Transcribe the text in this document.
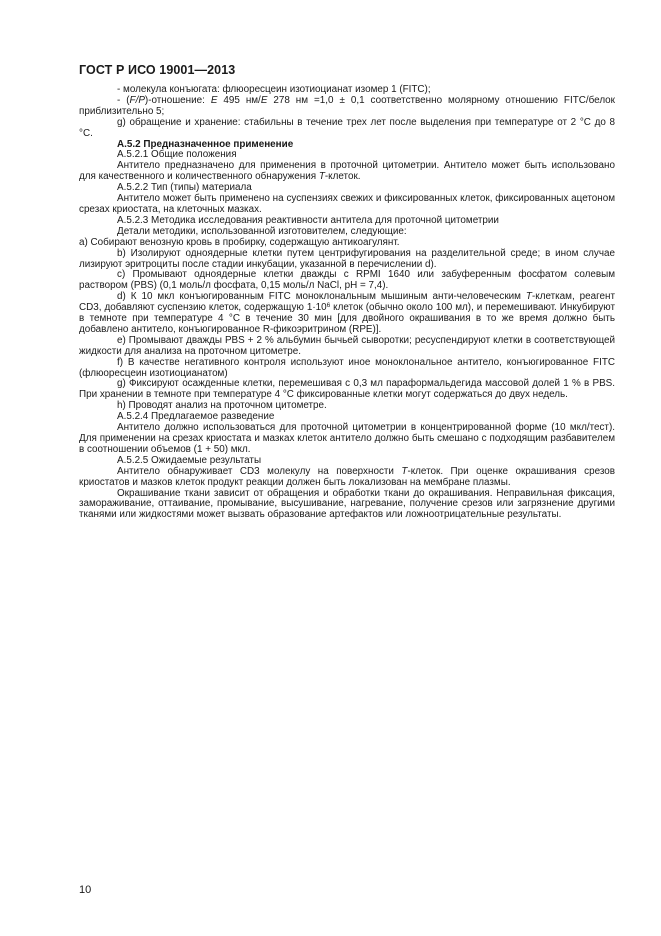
ГОСТ Р ИСО 19001—2013

- молекула конъюгата: флюоресцеин изотиоцианат изомер 1 (FITC);

- (F/P)-отношение: E 495 нм/E 278 нм =1,0 ± 0,1 соответственно молярному отношению FITC/белок приблизительно 5;

g) обращение и хранение: стабильны в течение трех лет после выделения при температуре от 2 °С до 8 °С.

А.5.2 Предназначенное применение

А.5.2.1 Общие положения

Антитело предназначено для применения в проточной цитометрии. Антитело может быть использовано для качественного и количественного обнаружения Т-клеток.

А.5.2.2 Тип (типы) материала

Антитело может быть применено на суспензиях свежих и фиксированных клеток, фиксированных ацетоном срезах криостата, на клеточных мазках.

А.5.2.3 Методика исследования реактивности антитела для проточной цитометрии

Детали методики, использованной изготовителем, следующие:

а) Собирают венозную кровь в пробирку, содержащую антикоагулянт.

b) Изолируют одноядерные клетки путем центрифугирования на разделительной среде; в ином случае лизируют эритроциты после стадии инкубации, указанной в перечислении d).

c) Промывают одноядерные клетки дважды с RPMI 1640 или забуференным фосфатом солевым раствором (PBS) (0,1 моль/л фосфата, 0,15 моль/л NaCl, pH = 7,4).

d) К 10 мкл конъюгированным FITC моноклональным мышиным анти-человеческим Т-клеткам, реагент CD3, добавляют суспензию клеток, содержащую $1\cdot 10^6$ клеток (обычно около 100 мл), и перемешивают. Инкубируют в темноте при температуре 4 °С в течение 30 мин [для двойного окрашивания в то же время должно быть добавлено антитело, конъюгированное R-фикоэритрином (RPE)].

e) Промывают дважды PBS + 2 % альбумин бычьей сыворотки; ресуспендируют клетки в соответствующей жидкости для анализа на проточном цитометре.

f) В качестве негативного контроля используют иное моноклональное антитело, конъюгированное FITC (флюоресцеин изотиоцианатом)

g) Фиксируют осажденные клетки, перемешивая с 0,3 мл параформальдегида массовой долей 1 % в PBS. При хранении в темноте при температуре 4 °С фиксированные клетки могут содержаться до двух недель.

h) Проводят анализ на проточном цитометре.

А.5.2.4 Предлагаемое разведение

Антитело должно использоваться для проточной цитометрии в концентрированной форме (10 мкл/тест). Для применении на срезах криостата и мазках клеток антитело должно быть смешано с подходящим разбавителем в соотношении объемов (1 + 50) мкл.

А.5.2.5 Ожидаемые результаты

Антитело обнаруживает CD3 молекулу на поверхности Т-клеток. При оценке окрашивания срезов криостатов и мазков клеток продукт реакции должен быть локализован на мембране плазмы.

Окрашивание ткани зависит от обращения и обработки ткани до окрашивания. Неправильная фиксация, замораживание, оттаивание, промывание, высушивание, нагревание, получение срезов или загрязнение другими тканями или жидкостями может вызвать образование артефактов или ложноотрицательные результаты.

10
